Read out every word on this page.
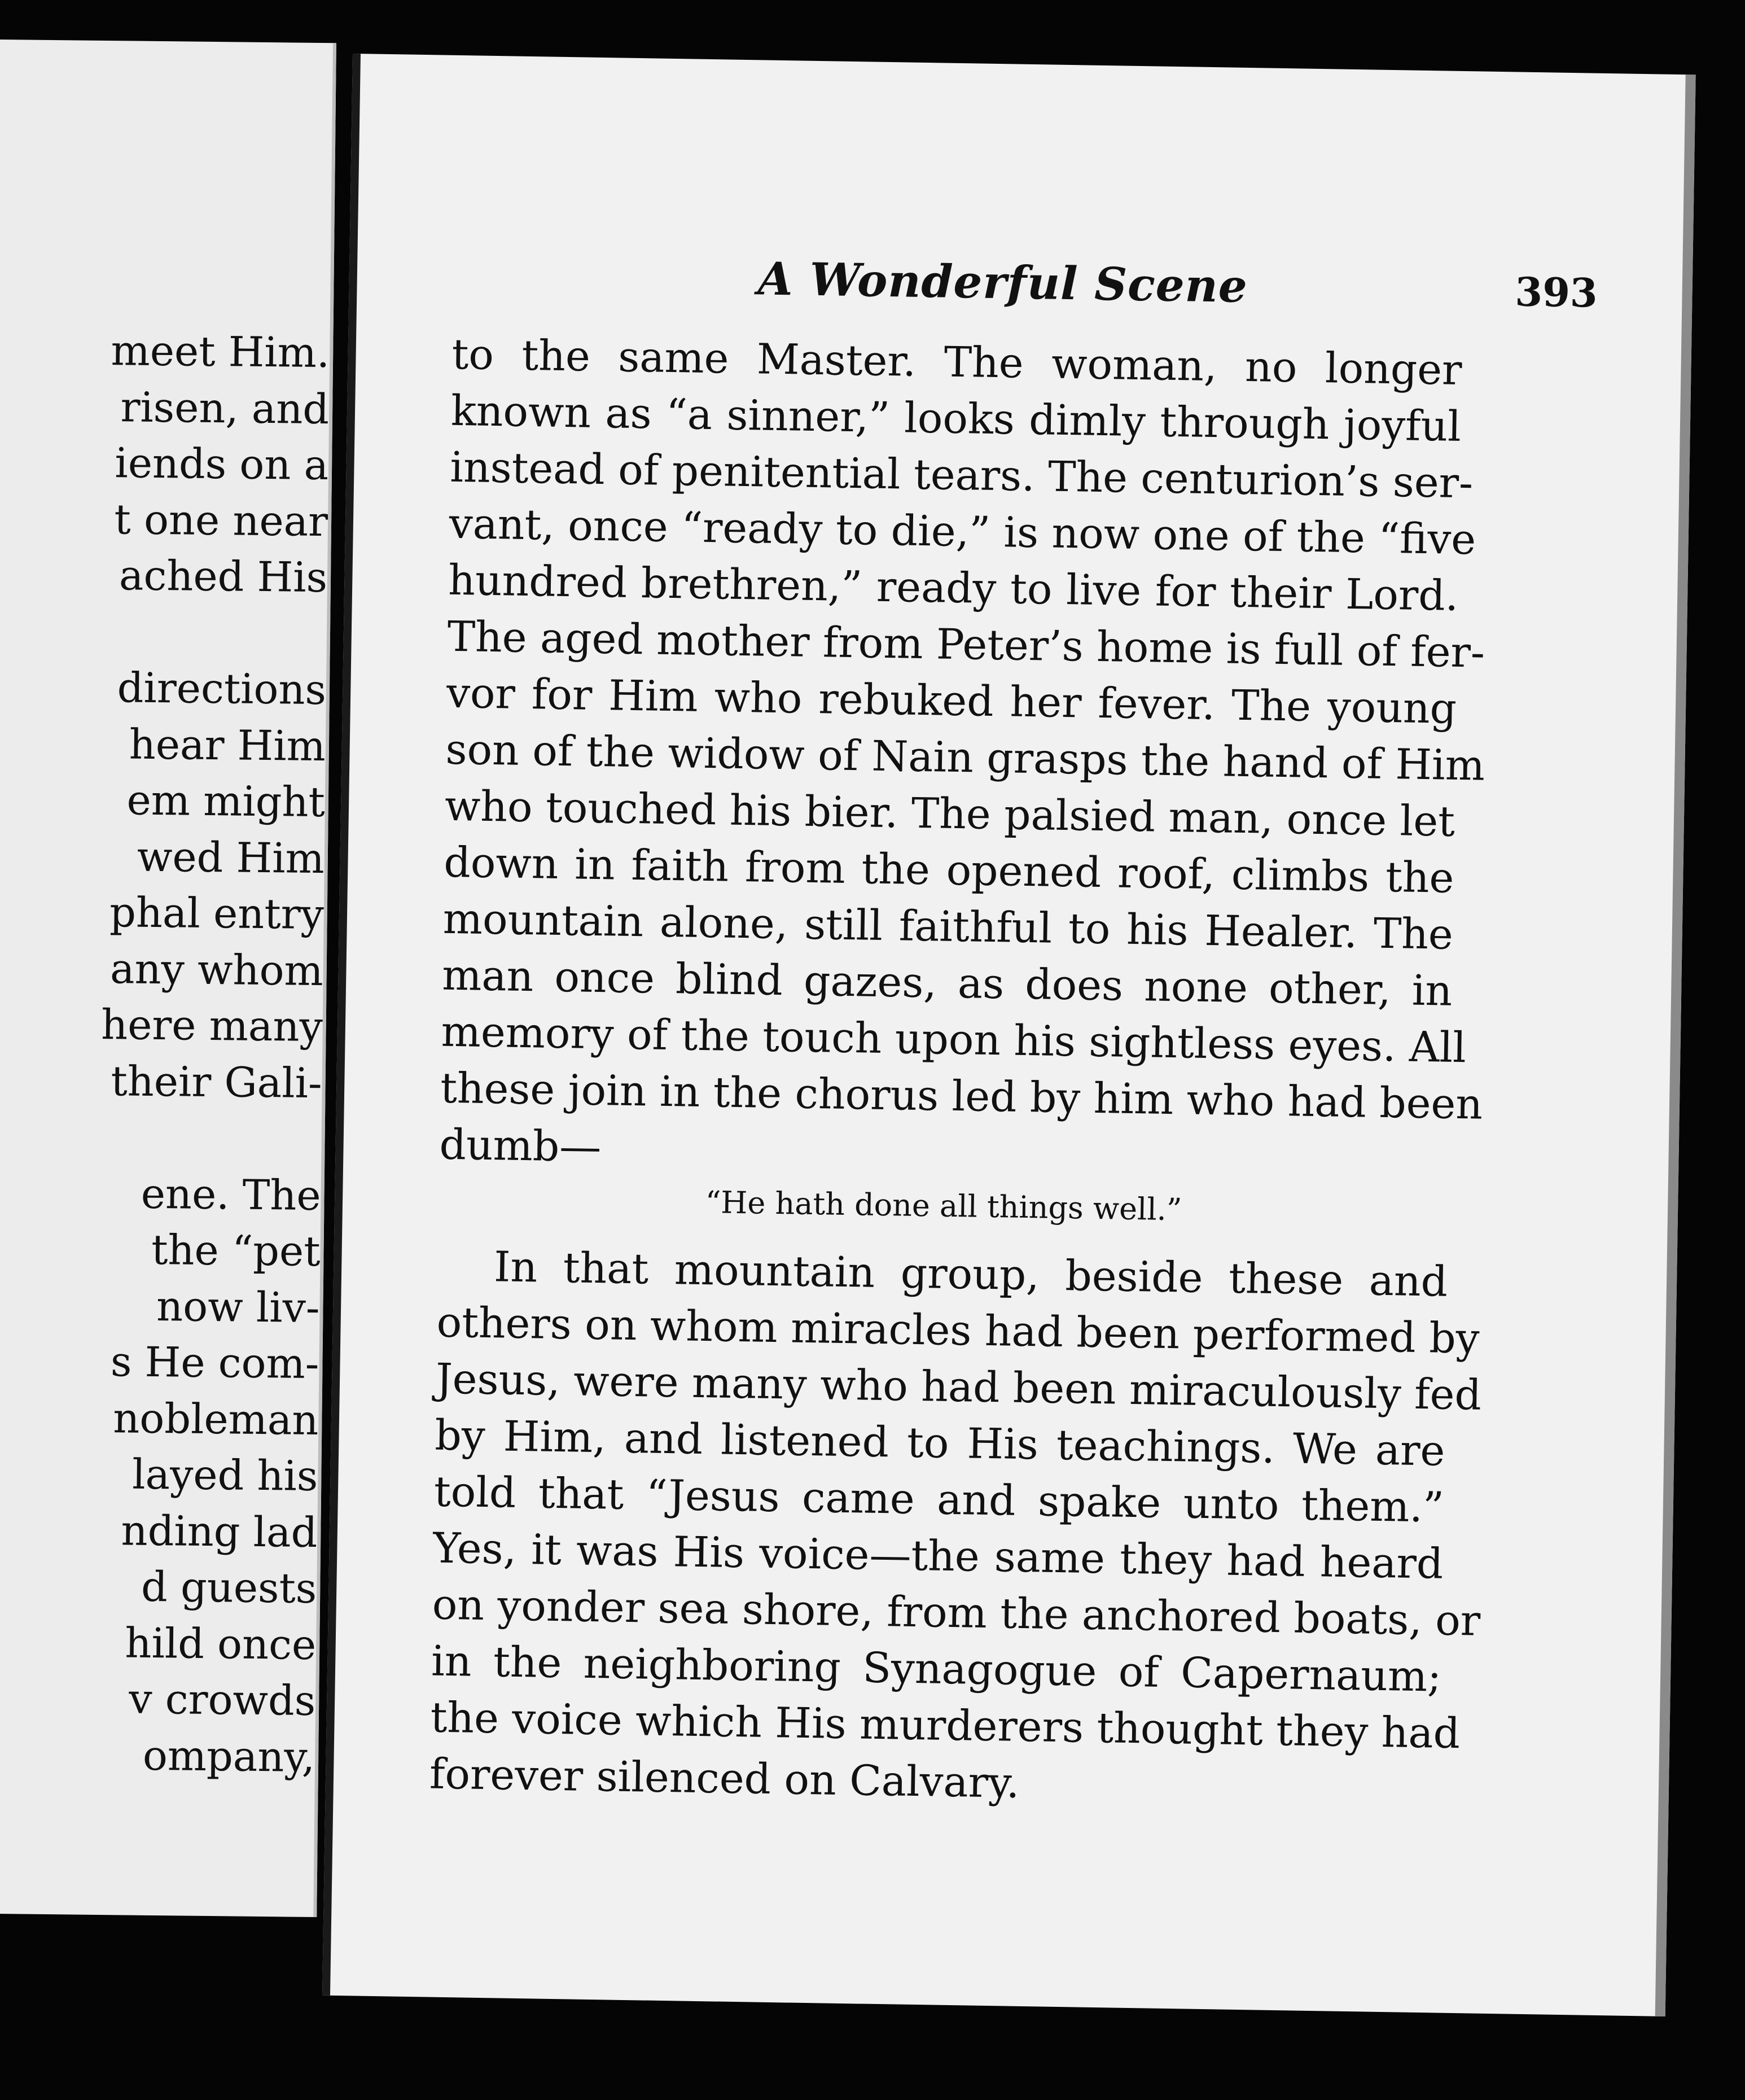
meet Him.
risen, and
iends on a
t one near
ached His
directions
hear Him
em might
wed Him
phal entry
any whom
here many
their Gali-
ene. The
the “pet
now liv-
s He com-
nobleman
layed his
nding lad
d guests
hild once
v crowds
ompany,
A Wonderful Scene	393
to the same Master. The woman, no longer
known as “a sinner,” looks dimly through joyful
instead of penitential tears. The centurion’s ser-
vant, once “ready to die,” is now one of the “five
hundred brethren,” ready to live for their Lord.
The aged mother from Peter’s home is full of fer-
vor for Him who rebuked her fever. The young
son of the widow of Nain grasps the hand of Him
who touched his bier. The palsied man, once let
down in faith from the opened roof, climbs the
mountain alone, still faithful to his Healer. The
man once blind gazes, as does none other, in
memory of the touch upon his sightless eyes. All
these join in the chorus led by him who had been
dumb—
“He hath done all things well.”
In that mountain group, beside these and
others on whom miracles had been performed by
Jesus, were many who had been miraculously fed
by Him, and listened to His teachings. We are
told that “Jesus came and spake unto them.”
Yes, it was His voice—the same they had heard
on yonder sea shore, from the anchored boats, or
in the neighboring Synagogue of Capernaum;
the voice which His murderers thought they had
forever silenced on Calvary.
